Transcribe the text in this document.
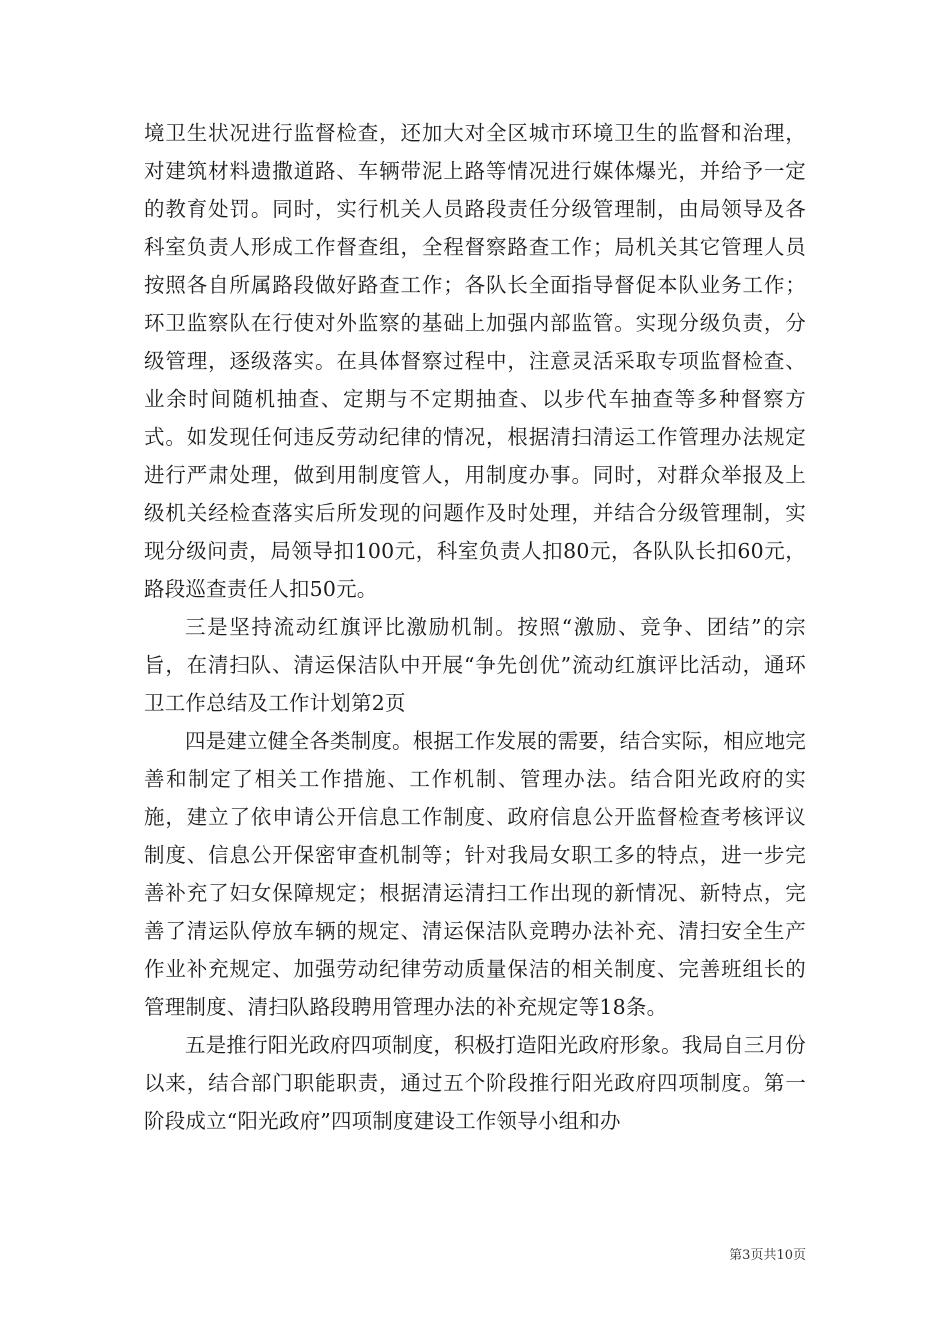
境卫生状况进行监督检查，还加大对全区城市环境卫生的监督和治理，对建筑材料遗撒道路、车辆带泥上路等情况进行媒体爆光，并给予一定的教育处罚。同时，实行机关人员路段责任分级管理制，由局领导及各科室负责人形成工作督查组，全程督察路查工作；局机关其它管理人员按照各自所属路段做好路查工作；各队长全面指导督促本队业务工作；环卫监察队在行使对外监察的基础上加强内部监管。实现分级负责，分级管理，逐级落实。在具体督察过程中，注意灵活采取专项监督检查、业余时间随机抽查、定期与不定期抽查、以步代车抽查等多种督察方式。如发现任何违反劳动纪律的情况，根据清扫清运工作管理办法规定进行严肃处理，做到用制度管人，用制度办事。同时，对群众举报及上级机关经检查落实后所发现的问题作及时处理，并结合分级管理制，实现分级问责，局领导扣100元，科室负责人扣80元，各队队长扣60元，路段巡查责任人扣50元。

三是坚持流动红旗评比激励机制。按照“激励、竞争、团结”的宗旨，在清扫队、清运保洁队中开展“争先创优”流动红旗评比活动，通环卫工作总结及工作计划第2页

四是建立健全各类制度。根据工作发展的需要，结合实际，相应地完善和制定了相关工作措施、工作机制、管理办法。结合阳光政府的实施，建立了依申请公开信息工作制度、政府信息公开监督检查考核评议制度、信息公开保密审查机制等；针对我局女职工多的特点，进一步完善补充了妇女保障规定；根据清运清扫工作出现的新情况、新特点，完善了清运队停放车辆的规定、清运保洁队竞聘办法补充、清扫安全生产作业补充规定、加强劳动纪律劳动质量保洁的相关制度、完善班组长的管理制度、清扫队路段聘用管理办法的补充规定等18条。

五是推行阳光政府四项制度，积极打造阳光政府形象。我局自三月份以来，结合部门职能职责，通过五个阶段推行阳光政府四项制度。第一阶段成立“阳光政府”四项制度建设工作领导小组和办

第3页共10页
